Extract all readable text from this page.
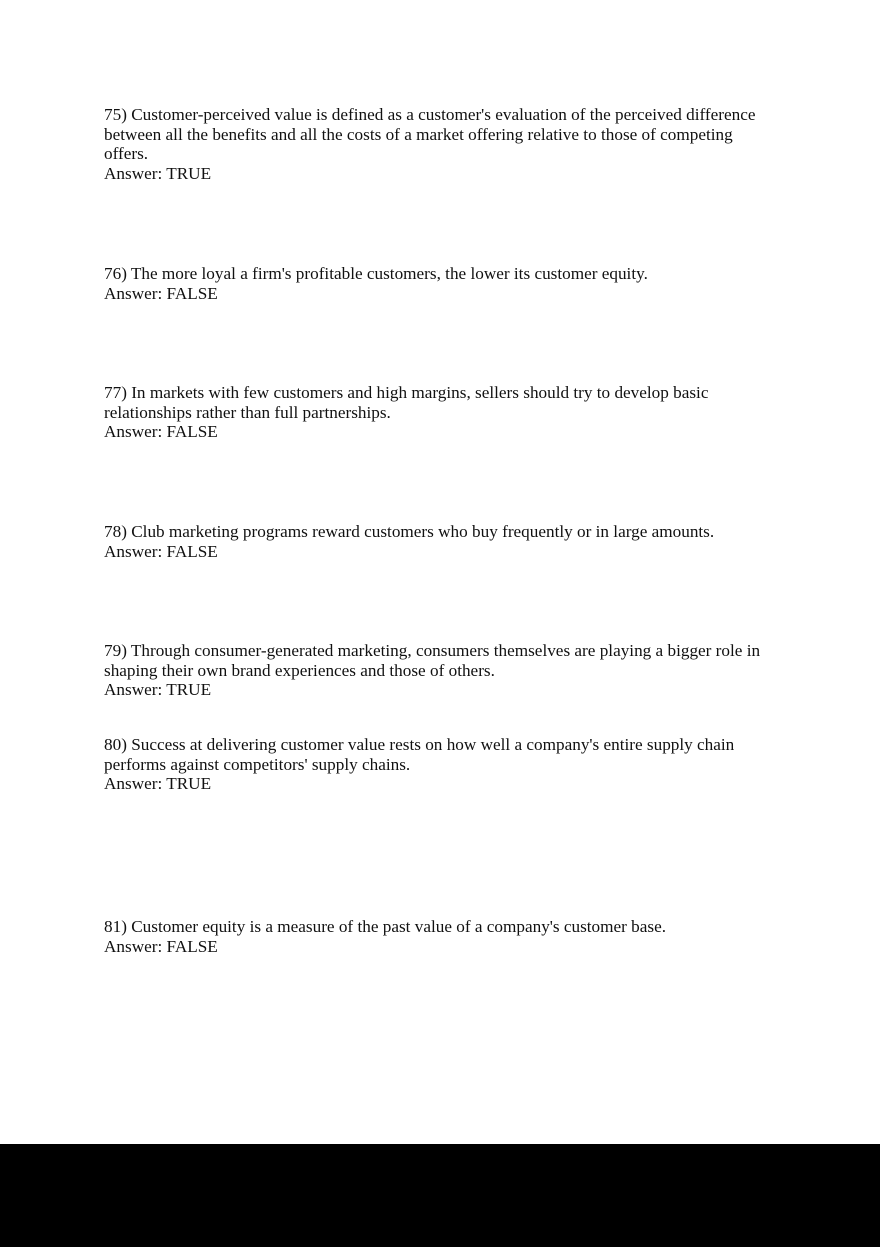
75) Customer-perceived value is defined as a customer's evaluation of the perceived difference

between all the benefits and all the costs of a market offering relative to those of competing

offers.

Answer: TRUE

76) The more loyal a firm's profitable customers, the lower its customer equity.

Answer: FALSE

77) In markets with few customers and high margins, sellers should try to develop basic

relationships rather than full partnerships.

Answer: FALSE

78) Club marketing programs reward customers who buy frequently or in large amounts.

Answer: FALSE

79) Through consumer-generated marketing, consumers themselves are playing a bigger role in

shaping their own brand experiences and those of others.

Answer: TRUE

80) Success at delivering customer value rests on how well a company's entire supply chain

performs against competitors' supply chains.

Answer: TRUE

81) Customer equity is a measure of the past value of a company's customer base.

Answer: FALSE
